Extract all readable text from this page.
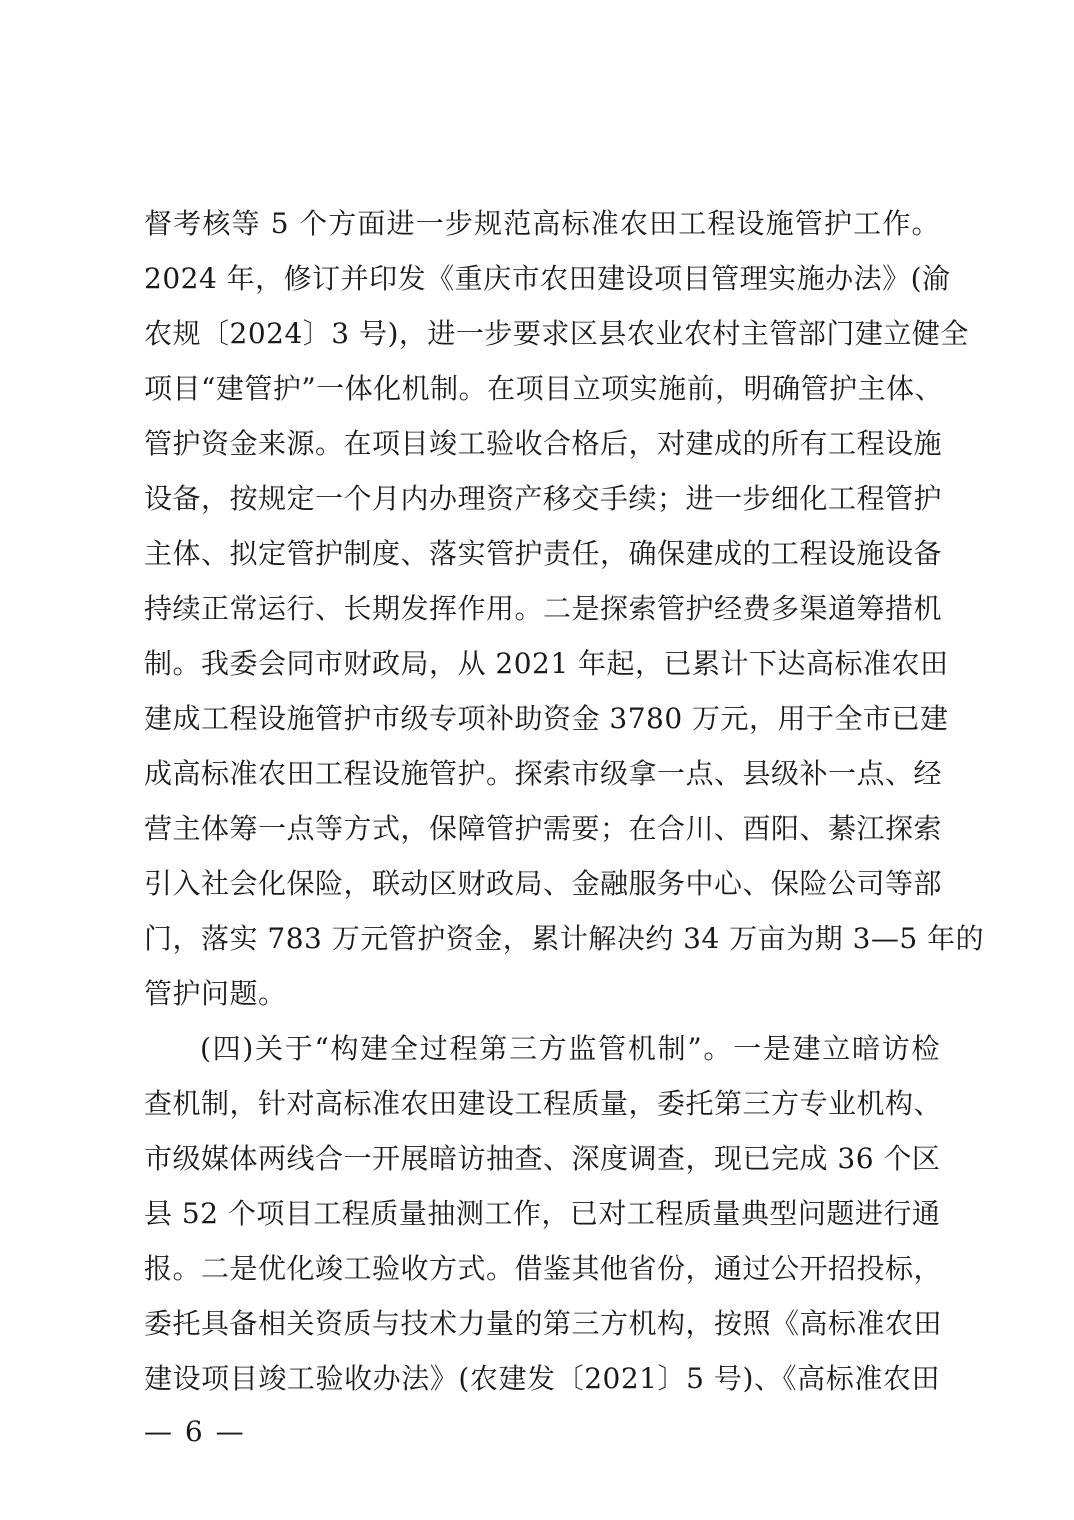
督考核等 5 个方面进一步规范高标准农田工程设施管护工作。
2024 年，修订并印发《重庆市农田建设项目管理实施办法》(渝
农规〔2024〕3 号)，进一步要求区县农业农村主管部门建立健全
项目“建管护”一体化机制。在项目立项实施前，明确管护主体、
管护资金来源。在项目竣工验收合格后，对建成的所有工程设施
设备，按规定一个月内办理资产移交手续；进一步细化工程管护
主体、拟定管护制度、落实管护责任，确保建成的工程设施设备
持续正常运行、长期发挥作用。二是探索管护经费多渠道筹措机
制。我委会同市财政局，从 2021 年起，已累计下达高标准农田
建成工程设施管护市级专项补助资金 3780 万元，用于全市已建
成高标准农田工程设施管护。探索市级拿一点、县级补一点、经
营主体筹一点等方式，保障管护需要；在合川、酉阳、綦江探索
引入社会化保险，联动区财政局、金融服务中心、保险公司等部
门，落实 783 万元管护资金，累计解决约 34 万亩为期 3—5 年的
管护问题。
(四)关于“构建全过程第三方监管机制”。一是建立暗访检
查机制，针对高标准农田建设工程质量，委托第三方专业机构、
市级媒体两线合一开展暗访抽查、深度调查，现已完成 36 个区
县 52 个项目工程质量抽测工作，已对工程质量典型问题进行通
报。二是优化竣工验收方式。借鉴其他省份，通过公开招投标，
委托具备相关资质与技术力量的第三方机构，按照《高标准农田
建设项目竣工验收办法》(农建发〔2021〕5 号)、《高标准农田
— 6 —
